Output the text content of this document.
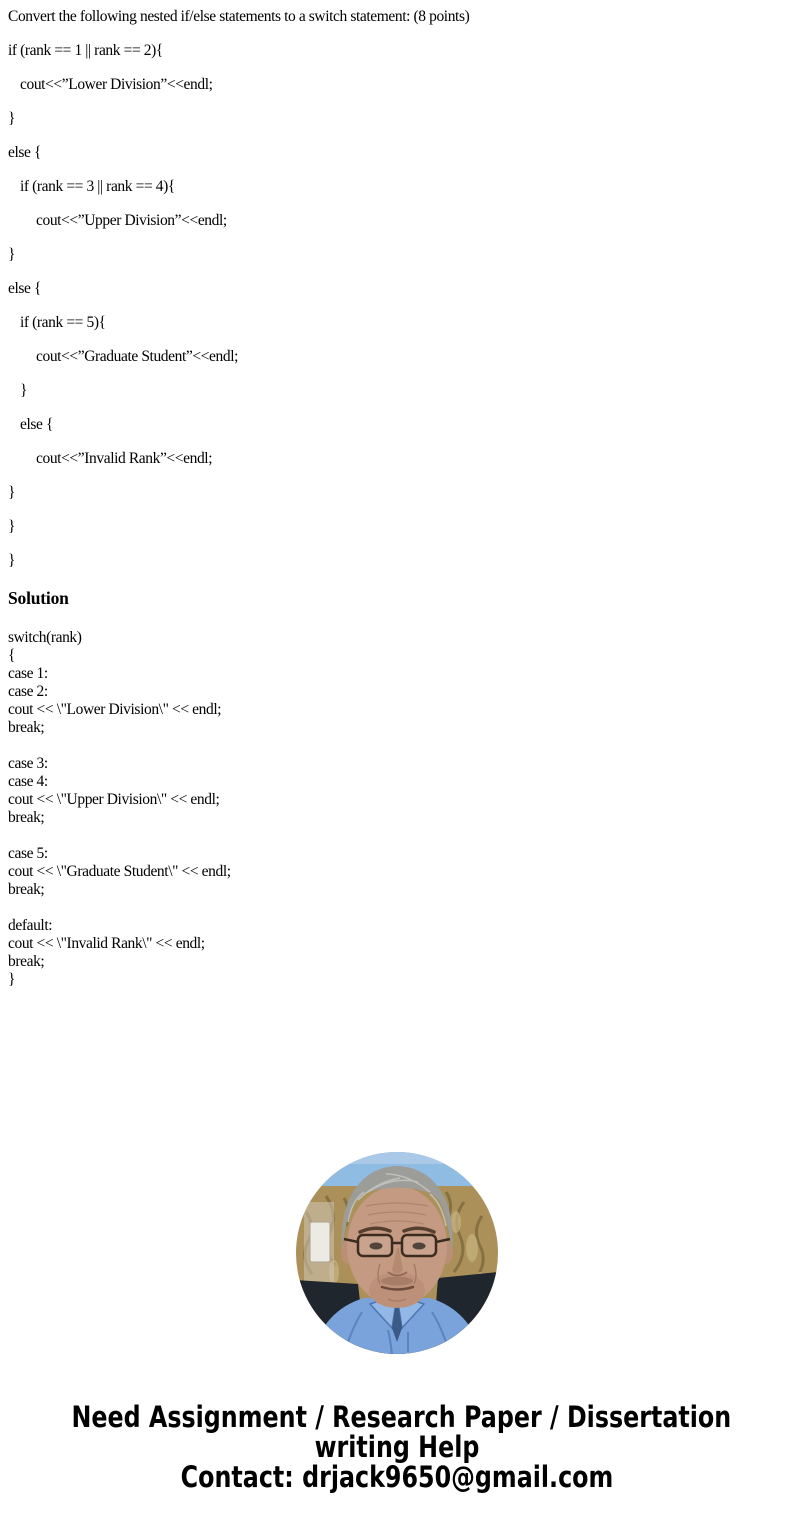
Convert the following nested if/else statements to a switch statement: (8 points)
if (rank == 1 || rank == 2){
cout<<”Lower Division”<<endl;
}
else {
if (rank == 3 || rank == 4){
cout<<”Upper Division”<<endl;
}
else {
if (rank == 5){
cout<<”Graduate Student”<<endl;
}
else {
cout<<”Invalid Rank”<<endl;
}
}
}
Solution
switch(rank)
{
case 1:
case 2:
cout << \"Lower Division\" << endl;
break;

case 3:
case 4:
cout << \"Upper Division\" << endl;
break;

case 5:
cout << \"Graduate Student\" << endl;
break;

default:
cout << \"Invalid Rank\" << endl;
break;
}
Need Assignment / Research Paper / Dissertation
writing Help
Contact: drjack9650@gmail.com
